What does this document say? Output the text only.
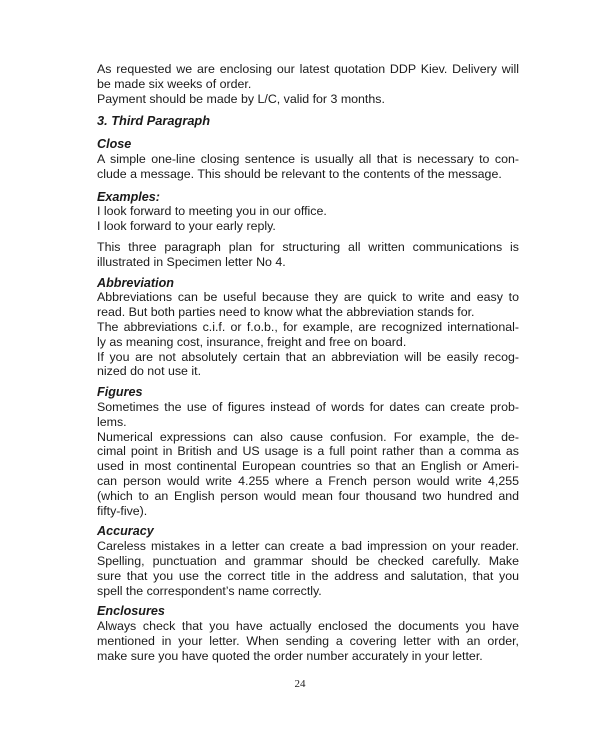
As requested we are enclosing our latest quotation DDP Kiev. Delivery will
be made six weeks of order.
Payment should be made by L/C, valid for 3 months.
3. Third Paragraph
Close
A simple one-line closing sentence is usually all that is necessary to con-
clude a message. This should be relevant to the contents of the message.
Examples:
I look forward to meeting you in our office.
I look forward to your early reply.
This three paragraph plan for structuring all written communications is
illustrated in Specimen letter No 4.
Abbreviation
Abbreviations can be useful because they are quick to write and easy to
read. But both parties need to know what the abbreviation stands for.
The abbreviations c.i.f. or f.o.b., for example, are recognized international-
ly as meaning cost, insurance, freight and free on board.
If you are not absolutely certain that an abbreviation will be easily recog-
nized do not use it.
Figures
Sometimes the use of figures instead of words for dates can create prob-
lems.
Numerical expressions can also cause confusion. For example, the de-
cimal point in British and US usage is a full point rather than a comma as
used in most continental European countries so that an English or Ameri-
can person would write 4.255 where a French person would write 4,255
(which to an English person would mean four thousand two hundred and
fifty-five).
Accuracy
Careless mistakes in a letter can create a bad impression on your reader.
Spelling, punctuation and grammar should be checked carefully. Make
sure that you use the correct title in the address and salutation, that you
spell the correspondent’s name correctly.
Enclosures
Always check that you have actually enclosed the documents you have
mentioned in your letter. When sending a covering letter with an order,
make sure you have quoted the order number accurately in your letter.
24
